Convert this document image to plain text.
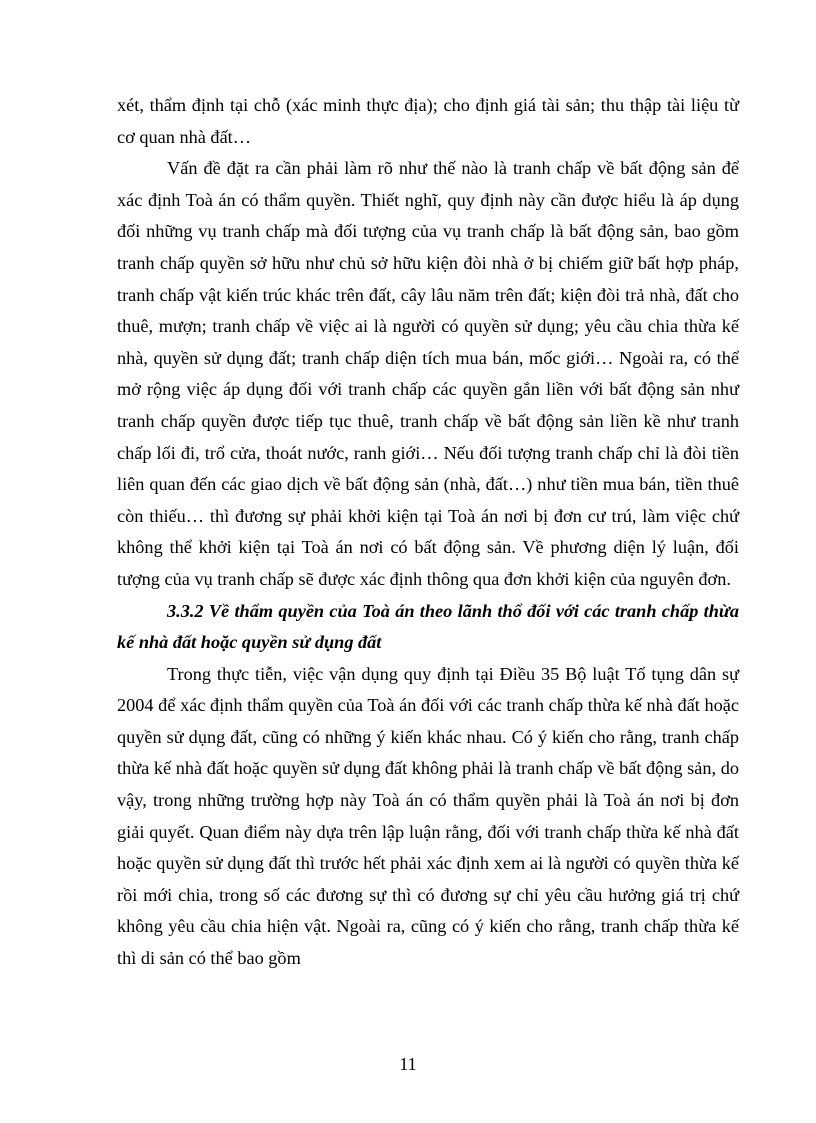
xét, thẩm định tại chỗ (xác minh thực địa); cho định giá tài sản; thu thập tài liệu từ cơ quan nhà đất…

Vấn đề đặt ra cần phải làm rõ như thế nào là tranh chấp về bất động sản để xác định Toà án có thẩm quyền. Thiết nghĩ, quy định này cần được hiểu là áp dụng đối những vụ tranh chấp mà đối tượng của vụ tranh chấp là bất động sản, bao gồm tranh chấp quyền sở hữu như chủ sở hữu kiện đòi nhà ở bị chiếm giữ bất hợp pháp, tranh chấp vật kiến trúc khác trên đất, cây lâu năm trên đất; kiện đòi trả nhà, đất cho thuê, mượn; tranh chấp về việc ai là người có quyền sử dụng; yêu cầu chia thừa kế nhà, quyền sử dụng đất; tranh chấp diện tích mua bán, mốc giới… Ngoài ra, có thể mở rộng việc áp dụng đối với tranh chấp các quyền gắn liền với bất động sản như tranh chấp quyền được tiếp tục thuê, tranh chấp về bất động sản liền kề như tranh chấp lối đi, trổ cửa, thoát nước, ranh giới… Nếu đối tượng tranh chấp chỉ là đòi tiền liên quan đến các giao dịch về bất động sản (nhà, đất…) như tiền mua bán, tiền thuê còn thiếu… thì đương sự phải khởi kiện tại Toà án nơi bị đơn cư trú, làm việc chứ không thể khởi kiện tại Toà án nơi có bất động sản. Về phương diện lý luận, đối tượng của vụ tranh chấp sẽ được xác định thông qua đơn khởi kiện của nguyên đơn.

3.3.2 Về thẩm quyền của Toà án theo lãnh thổ đối với các tranh chấp thừa kế nhà đất hoặc quyền sử dụng đất

Trong thực tiễn, việc vận dụng quy định tại Điều 35 Bộ luật Tố tụng dân sự 2004 để xác định thẩm quyền của Toà án đối với các tranh chấp thừa kế nhà đất hoặc quyền sử dụng đất, cũng có những ý kiến khác nhau. Có ý kiến cho rằng, tranh chấp thừa kế nhà đất hoặc quyền sử dụng đất không phải là tranh chấp về bất động sản, do vậy, trong những trường hợp này Toà án có thẩm quyền phải là Toà án nơi bị đơn giải quyết. Quan điểm này dựa trên lập luận rằng, đối với tranh chấp thừa kế nhà đất hoặc quyền sử dụng đất thì trước hết phải xác định xem ai là người có quyền thừa kế rồi mới chia, trong số các đương sự thì có đương sự chỉ yêu cầu hưởng giá trị chứ không yêu cầu chia hiện vật. Ngoài ra, cũng có ý kiến cho rằng, tranh chấp thừa kế thì di sản có thể bao gồm

11
